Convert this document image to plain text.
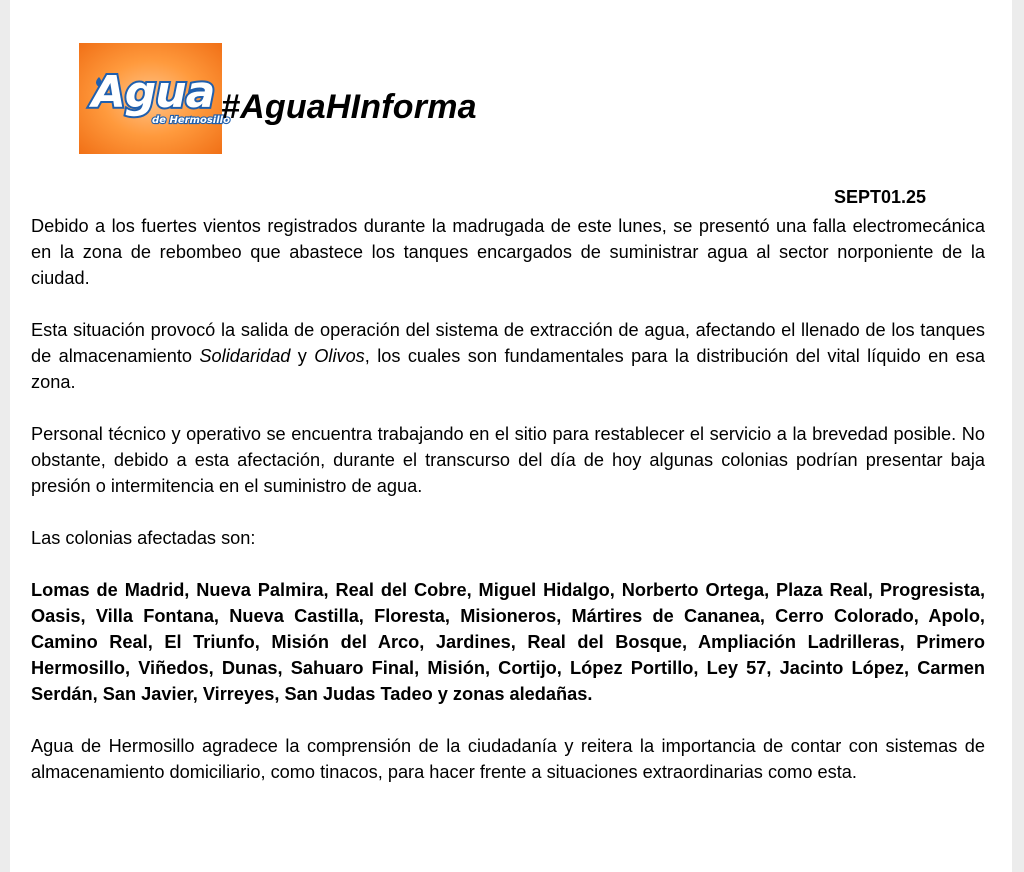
Agua
de Hermosillo
#AguaHInforma
SEPT01.25

Debido a los fuertes vientos registrados durante la madrugada de este lunes, se presentó una falla electromecánica en la zona de rebombeo que abastece los tanques encargados de suministrar agua al sector norponiente de la ciudad.

Esta situación provocó la salida de operación del sistema de extracción de agua, afectando el llenado de los tanques de almacenamiento Solidaridad y Olivos, los cuales son fundamentales para la distribución del vital líquido en esa zona.

Personal técnico y operativo se encuentra trabajando en el sitio para restablecer el servicio a la brevedad posible. No obstante, debido a esta afectación, durante el transcurso del día de hoy algunas colonias podrían presentar baja presión o intermitencia en el suministro de agua.

Las colonias afectadas son:

Lomas de Madrid, Nueva Palmira, Real del Cobre, Miguel Hidalgo, Norberto Ortega, Plaza Real, Progresista, Oasis, Villa Fontana, Nueva Castilla, Floresta, Misioneros, Mártires de Cananea, Cerro Colorado, Apolo, Camino Real, El Triunfo, Misión del Arco, Jardines, Real del Bosque, Ampliación Ladrilleras, Primero Hermosillo, Viñedos, Dunas, Sahuaro Final, Misión, Cortijo, López Portillo, Ley 57, Jacinto López, Carmen Serdán, San Javier, Virreyes, San Judas Tadeo y zonas aledañas.

Agua de Hermosillo agradece la comprensión de la ciudadanía y reitera la importancia de contar con sistemas de almacenamiento domiciliario, como tinacos, para hacer frente a situaciones extraordinarias como esta.
